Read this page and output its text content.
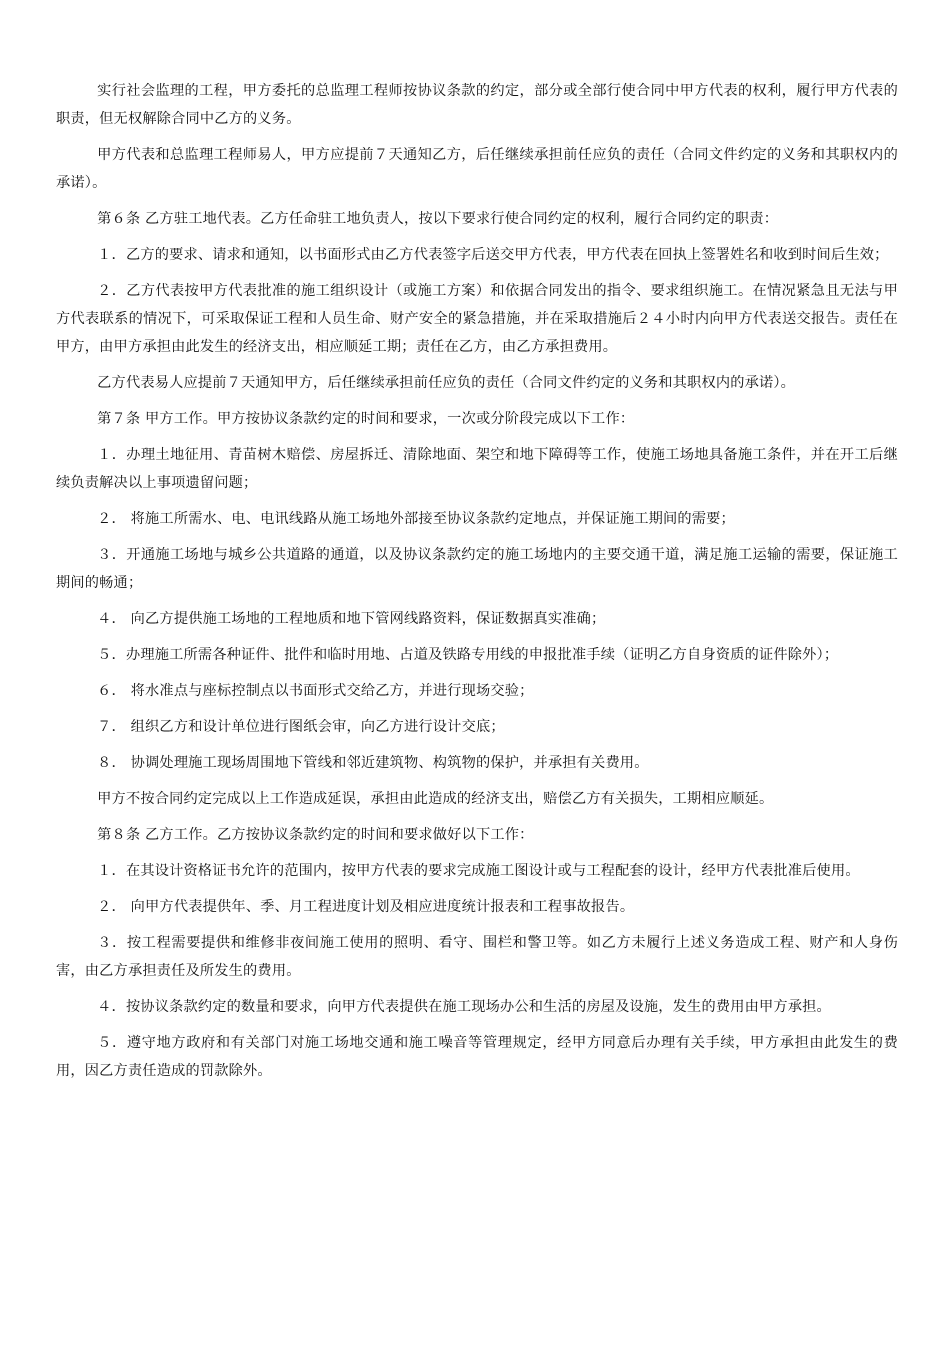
实行社会监理的工程，甲方委托的总监理工程师按协议条款的约定，部分或全部行使合同中甲方代表的权利，履行甲方代表的职责，但无权解除合同中乙方的义务。

甲方代表和总监理工程师易人，甲方应提前７天通知乙方，后任继续承担前任应负的责任（合同文件约定的义务和其职权内的承诺）。

第６条 乙方驻工地代表。乙方任命驻工地负责人，按以下要求行使合同约定的权利，履行合同约定的职责：

１．乙方的要求、请求和通知，以书面形式由乙方代表签字后送交甲方代表，甲方代表在回执上签署姓名和收到时间后生效；

２．乙方代表按甲方代表批准的施工组织设计（或施工方案）和依据合同发出的指令、要求组织施工。在情况紧急且无法与甲方代表联系的情况下，可采取保证工程和人员生命、财产安全的紧急措施，并在采取措施后２４小时内向甲方代表送交报告。责任在甲方，由甲方承担由此发生的经济支出，相应顺延工期；责任在乙方，由乙方承担费用。

乙方代表易人应提前７天通知甲方，后任继续承担前任应负的责任（合同文件约定的义务和其职权内的承诺）。

第７条 甲方工作。甲方按协议条款约定的时间和要求，一次或分阶段完成以下工作：

１．办理土地征用、青苗树木赔偿、房屋拆迁、清除地面、架空和地下障碍等工作，使施工场地具备施工条件，并在开工后继续负责解决以上事项遗留问题；

２． 将施工所需水、电、电讯线路从施工场地外部接至协议条款约定地点，并保证施工期间的需要；

３．开通施工场地与城乡公共道路的通道，以及协议条款约定的施工场地内的主要交通干道，满足施工运输的需要，保证施工期间的畅通；

４． 向乙方提供施工场地的工程地质和地下管网线路资料，保证数据真实准确；

５．办理施工所需各种证件、批件和临时用地、占道及铁路专用线的申报批准手续（证明乙方自身资质的证件除外）；

６． 将水准点与座标控制点以书面形式交给乙方，并进行现场交验；

７． 组织乙方和设计单位进行图纸会审，向乙方进行设计交底；

８． 协调处理施工现场周围地下管线和邻近建筑物、构筑物的保护，并承担有关费用。

甲方不按合同约定完成以上工作造成延误，承担由此造成的经济支出，赔偿乙方有关损失，工期相应顺延。

第８条 乙方工作。乙方按协议条款约定的时间和要求做好以下工作：

１．在其设计资格证书允许的范围内，按甲方代表的要求完成施工图设计或与工程配套的设计，经甲方代表批准后使用。

２． 向甲方代表提供年、季、月工程进度计划及相应进度统计报表和工程事故报告。

３．按工程需要提供和维修非夜间施工使用的照明、看守、围栏和警卫等。如乙方未履行上述义务造成工程、财产和人身伤害，由乙方承担责任及所发生的费用。

４．按协议条款约定的数量和要求，向甲方代表提供在施工现场办公和生活的房屋及设施，发生的费用由甲方承担。

５．遵守地方政府和有关部门对施工场地交通和施工噪音等管理规定，经甲方同意后办理有关手续，甲方承担由此发生的费用，因乙方责任造成的罚款除外。
